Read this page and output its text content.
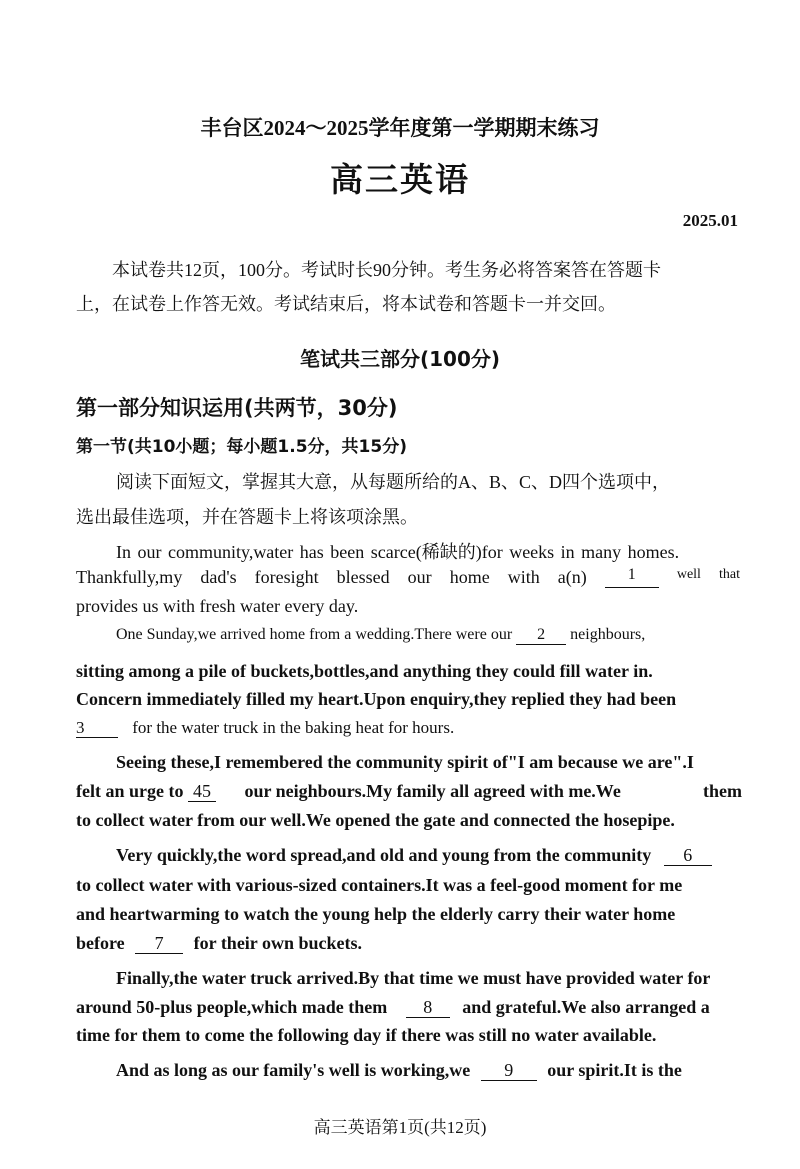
丰台区2024～2025学年度第一学期期末练习
高三英语
2025.01
本试卷共12页，100分。考试时长90分钟。考生务必将答案答在答题卡
上，在试卷上作答无效。考试结束后，将本试卷和答题卡一并交回。
笔试共三部分(100分)
第一部分知识运用(共两节，30分)
第一节(共10小题；每小题1.5分，共15分)
阅读下面短文，掌握其大意，从每题所给的A、B、C、D四个选项中，
选出最佳选项，并在答题卡上将该项涂黑。
In our community,water has been scarce(稀缺的)for weeks in many homes.
Thankfully,my dad's foresight blessed our home with a(n)	1	well that
provides us with fresh water every day.
One Sunday,we arrived home from a wedding.There were our 2 neighbours,
sitting among a pile of buckets,bottles,and anything they could fill water in.
Concern immediately filled my heart.Upon enquiry,they replied they had been
3	for the water truck in the baking heat for hours.
Seeing these,I remembered the community spirit of"I am because we are".I
felt an urge to 45 our neighbours.My family all agreed with me.We	them
to collect water from our well.We opened the gate and connected the hosepipe.
Very quickly,the word spread,and old and young from the community 6
to collect water with various-sized containers.It was a feel-good moment for me
and heartwarming to watch the young help the elderly carry their water home
before 7 for their own buckets.
Finally,the water truck arrived.By that time we must have provided water for
around 50-plus people,which made them 8 and grateful.We also arranged a
time for them to come the following day if there was still no water available.
And as long as our family's well is working,we 9 our spirit.It is the
高三英语第1页(共12页)
